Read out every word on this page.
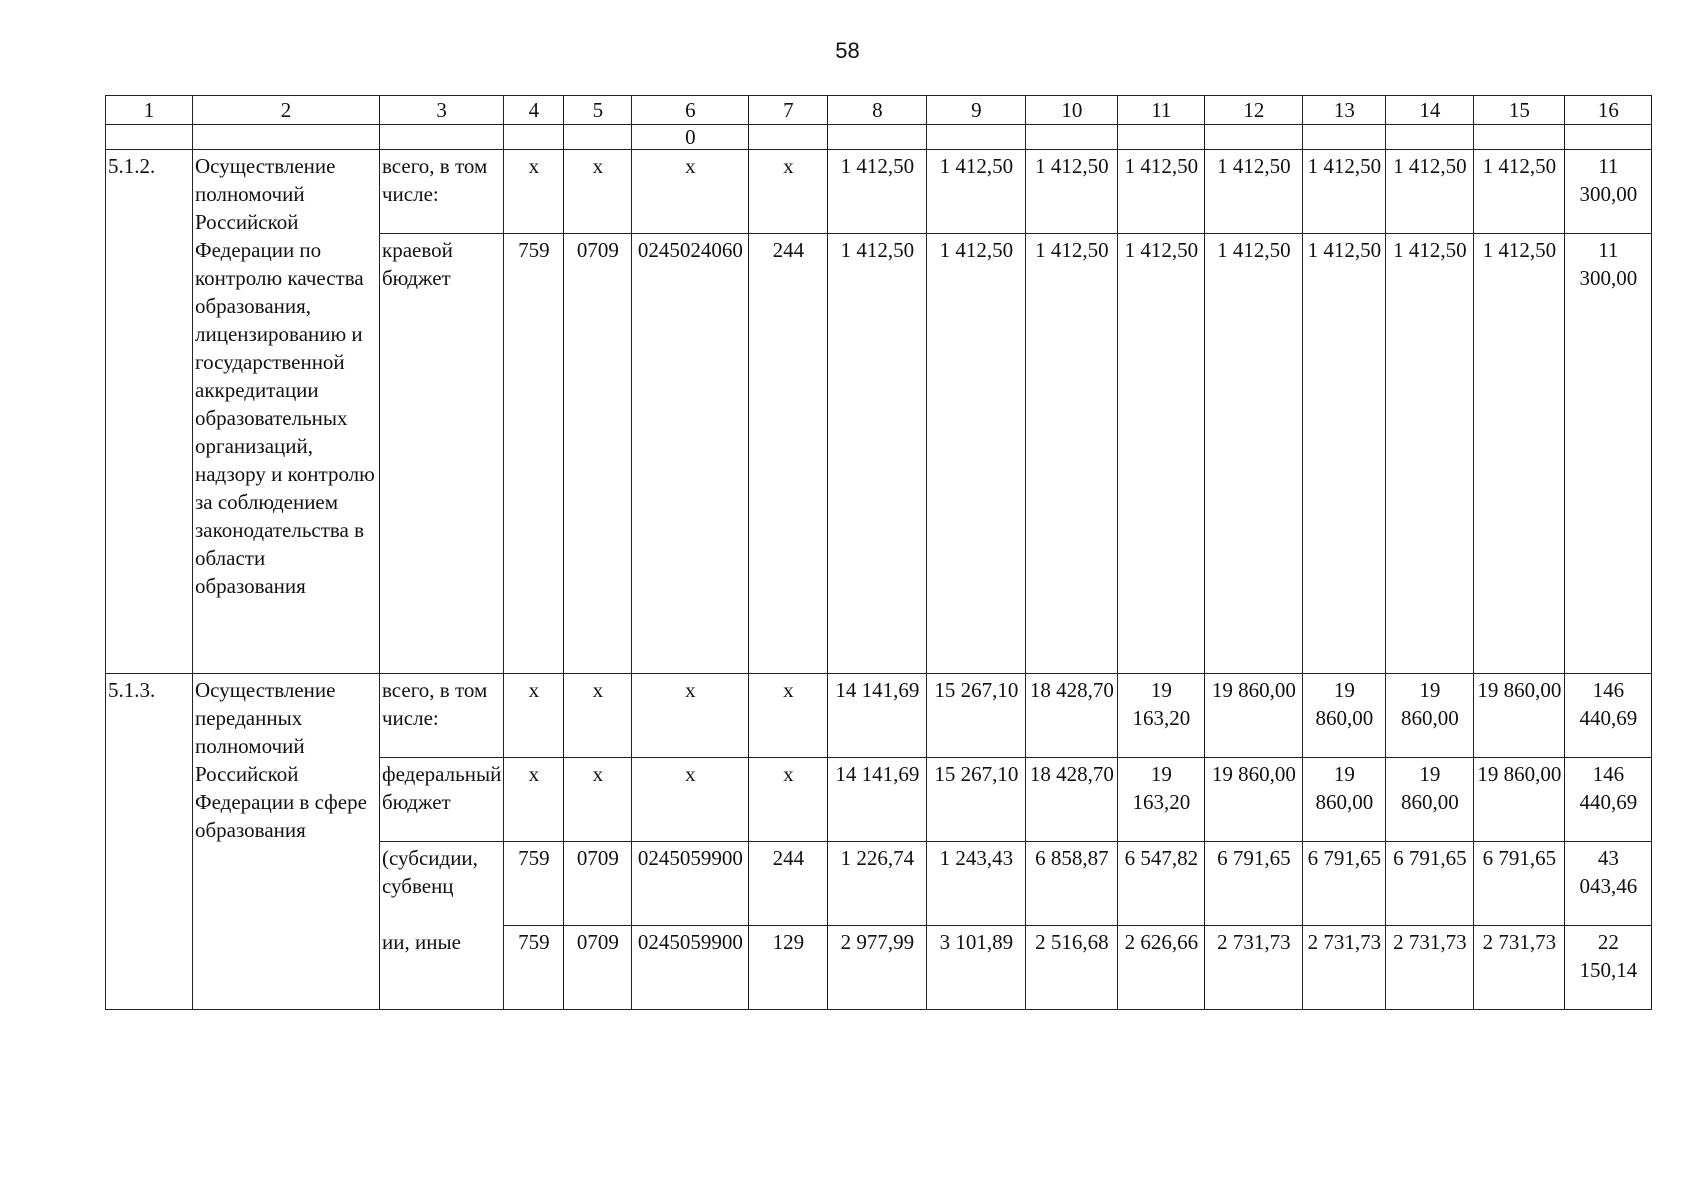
58
1	2	3	4	5	6	7	8	9	10	11	12	13	14	15	16
					0										
5.1.2.	Осуществление полномочий Российской Федерации по контролю качества образования, лицензированию и государственной аккредитации образовательных организаций, надзору и контролю за соблюдением законодательства в области образования	всего, в том числе:	х	х	х	х	1 412,50	1 412,50	1 412,50	1 412,50	1 412,50	1 412,50	1 412,50	1 412,50	11 300,00
		краевой бюджет	759	0709	0245024060	244	1 412,50	1 412,50	1 412,50	1 412,50	1 412,50	1 412,50	1 412,50	1 412,50	11 300,00
5.1.3.	Осуществление переданных полномочий Российской Федерации в сфере образования	всего, в том числе:	х	х	х	х	14 141,69	15 267,10	18 428,70	19 163,20	19 860,00	19 860,00	19 860,00	19 860,00	146 440,69
		федеральный бюджет	х	х	х	х	14 141,69	15 267,10	18 428,70	19 163,20	19 860,00	19 860,00	19 860,00	19 860,00	146 440,69
		(субсидии, субвенц	759	0709	0245059900	244	1 226,74	1 243,43	6 858,87	6 547,82	6 791,65	6 791,65	6 791,65	6 791,65	43 043,46
		ии, иные	759	0709	0245059900	129	2 977,99	3 101,89	2 516,68	2 626,66	2 731,73	2 731,73	2 731,73	2 731,73	22 150,14
